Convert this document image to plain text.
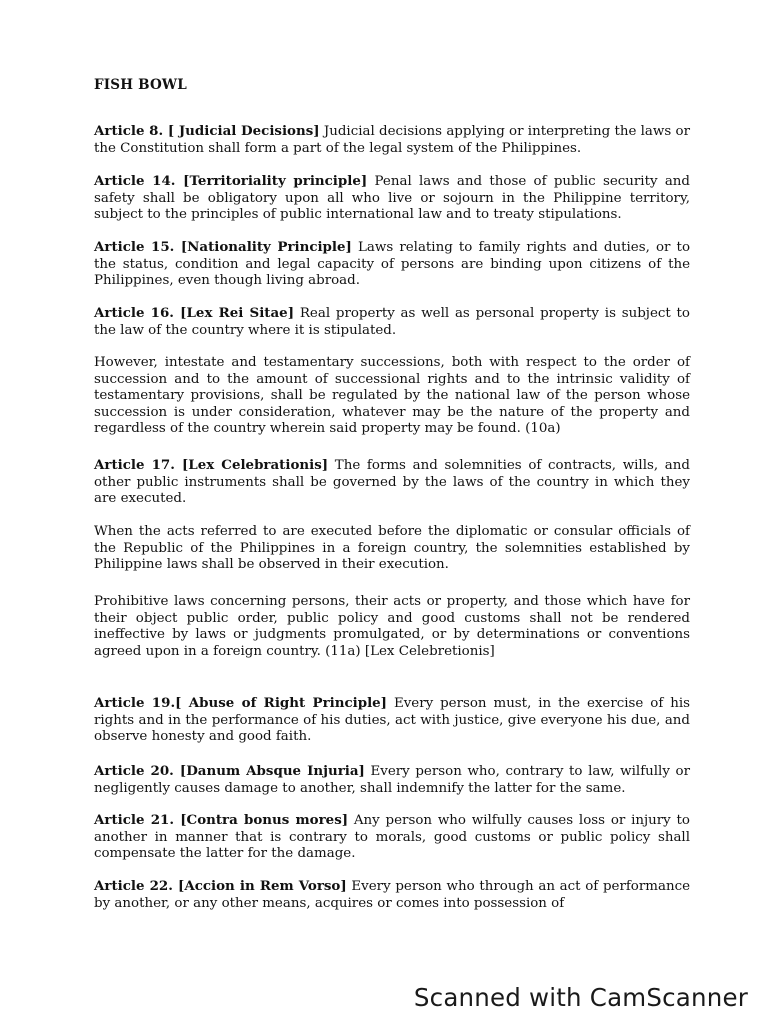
FISH BOWL

Article 8. [ Judicial Decisions] Judicial decisions applying or interpreting the laws or the Constitution shall form a part of the legal system of the Philippines.

Article 14. [Territoriality principle] Penal laws and those of public security and safety shall be obligatory upon all who live or sojourn in the Philippine territory, subject to the principles of public international law and to treaty stipulations.

Article 15. [Nationality Principle] Laws relating to family rights and duties, or to the status, condition and legal capacity of persons are binding upon citizens of the Philippines, even though living abroad.

Article 16. [Lex Rei Sitae] Real property as well as personal property is subject to the law of the country where it is stipulated.

However, intestate and testamentary successions, both with respect to the order of succession and to the amount of successional rights and to the intrinsic validity of testamentary provisions, shall be regulated by the national law of the person whose succession is under consideration, whatever may be the nature of the property and regardless of the country wherein said property may be found. (10a)

Article 17. [Lex Celebrationis] The forms and solemnities of contracts, wills, and other public instruments shall be governed by the laws of the country in which they are executed.

When the acts referred to are executed before the diplomatic or consular officials of the Republic of the Philippines in a foreign country, the solemnities established by Philippine laws shall be observed in their execution.

Prohibitive laws concerning persons, their acts or property, and those which have for their object public order, public policy and good customs shall not be rendered ineffective by laws or judgments promulgated, or by determinations or conventions agreed upon in a foreign country. (11a) [Lex Celebretionis]

Article 19.[ Abuse of Right Principle] Every person must, in the exercise of his rights and in the performance of his duties, act with justice, give everyone his due, and observe honesty and good faith.

Article 20. [Danum Absque Injuria] Every person who, contrary to law, wilfully or negligently causes damage to another, shall indemnify the latter for the same.

Article 21. [Contra bonus mores] Any person who wilfully causes loss or injury to another in manner that is contrary to morals, good customs or public policy shall compensate the latter for the damage.

Article 22. [Accion in Rem Vorso] Every person who through an act of performance by another, or any other means, acquires or comes into possession of

Scanned with CamScanner
